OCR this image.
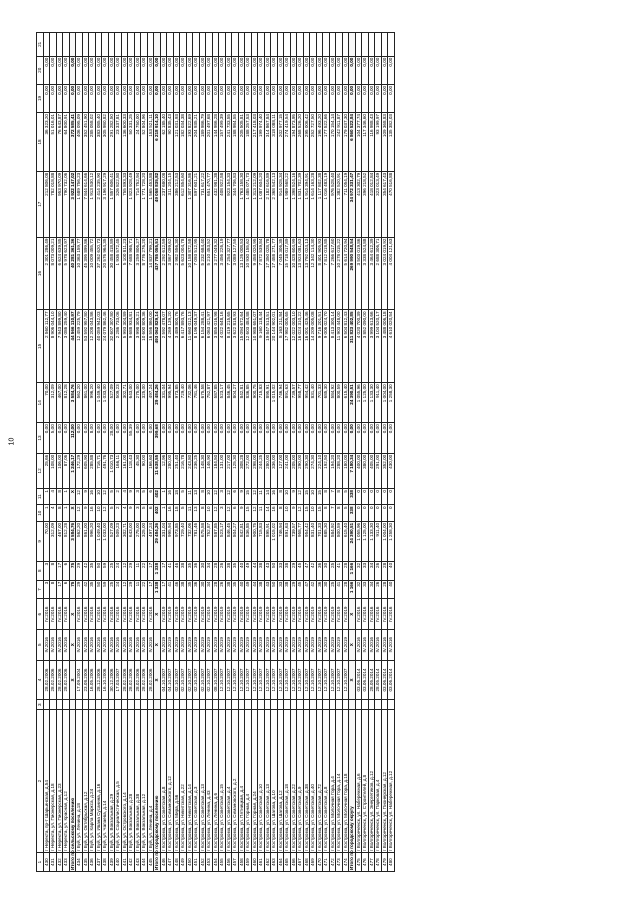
10
1	2	3	4	5	6	7	8	9	10	11	12	13	14	15	16	17	18	19	20	21
430	г Нерехта, пр-т Шарьинская, д.54		28.02.2006	IV.2016	IV.2016	3	3	70,00	1	1	25,66	0,00	70,00	2 560 112,77	2 301 286,49	212 806,08	36 323,20	0,00	0,00	
431	г Нерехта, ул. Пионерская, д.18		28.02.2006	IV.2016	IV.2016	8	8	312,09	4	4	108,00	5,00	312,09	8 906 044,10	8 073 009,21	782 018,88	51 016,01	0,00	0,00	
432	г Нерехта, ул. Пионерская, д.23		28.02.2006	IV.2016	IV.2016	17	17	467,00	8	8	106,00	0,00	467,00	7 943 899,80	6 624 639,85	953 970,09	76 643,87	0,00	0,00	
433	г Нерехта, ул. Красная, д.12		28.02.2006	IV.2016	IV.2016	6	6	812,28	1	1	87,06	0,00	812,28	3 086 259,40	5 978 623,97	790 732,06	64 800,91	0,00	0,00	
			X	X	X	75	75	3 584,76	X	X	1 246,17	112,00	3 584,76	44 566 110,97	40 281 361,36	3 922 147,02	372 585,41	0,00	0,00	
434	г Буй, ул. Ленина, д.18		17.09.2004	IV.2016	IV.2016	29	29	562,20	12	12	172,29	0,00	562,20	12 459 225,79	10 363 159,77	1 689 756,23	406 095,09	0,00	0,00	
435	г Буй, ул. Октябрьская, д.12		23.08.2006	IV.2016	IV.2016	42	42	861,00	9	9	605,90	0,00	861,00	53 592 957,80	45 395 899,86	7 844 614,66	352 451,90	0,00	0,00	
436	г Буй, ул. Карла Маркса, д.24		16.05.2006	IV.2016	IV.2016	35	35	996,20	16	16	285,88	8,00	996,20	12 208 043,86	10 009 455,72	1 913 530,12	285 058,02	0,00	0,00	
437	г Буй, ул. Ивана Сусанина, д.16		28.12.2006	IV.2016	IV.2016	50	50	1 049,40	10	10	716,71	0,00	1 049,40	40 059 942,03	37 262 620,73	2 414 235,90	383 085,40	0,00	0,00	
438	г Буй, ул. Чапаева, д.14		16.10.2006	IV.2016	IV.2016	59	59	1 033,00	12	12	491,76	0,00	1 033,00	24 079 862,46	20 576 964,35	3 196 917,29	305 980,82	0,00	0,00	
439	г Буй, ул. Вокзальная, д.29		30.12.2006	IV.2016	IV.2016	25	25	527,09	5	5	1 010,73	28,00	527,09	32 607 307,80	30 458 418,89	1 857 606,41	291 282,50	0,00	0,00	
440	г Буй, ул. Социалистическая, д.5		17.03.2007	IV.2016	IV.2016	24	24	509,23	2	2	166,11	0,00	509,23	2 286 733,06	1 936 572,45	326 822,80	23 337,81	0,00	0,00	
441	г Буй, ул. Островского, д.14		28.02.2006	IV.2016	IV.2016	12	12	302,71	4	4	161,00	0,00	302,71	5 993 304,89	5 100 811,23	755 893,33	136 600,33	0,00	0,00	
442	г Буй, ул. Вокзальная, д.28		28.02.2006	IV.2016	IV.2016	29	29	643,00	9	9	118,43	55,39	643,00	9 688 934,81	7 688 986,71	1 823 928,49	50 331,25	0,00	0,00	
443	г Буй, ул. Вокзальная, д.38		28.02.2006	IV.2016	IV.2016	11	11	275,00	3	3	45,30	0,00	275,00	3 998 309,21	3 259 806,27	714 752,94	24 750,00	0,00	0,00	
444	г Буй, ул. Вокзальная, д.12		28.02.2006	IV.2016	IV.2016	22	22	325,00	5	5	90,00	0,00	325,00	10 600 809,36	8 776 276,20	1 771 728,20	52 804,96	0,00	0,00	
445	г Буй, ул. Ленина, д.4		28.02.2006	IV.2016	IV.2016	17	17	497,24	6	6	166,60	0,00	497,24	16 556 860,00	14 837 799,21	1 565 453,88	153 521,11	0,00	0,00	
			X	X	X	1 338	1 338	29 484,26	402	402	11 638,55	399,68	29 484,26	493 062 829,14	437 785 055,51	49 058 835,82	6 218 914,10	0,00	0,00	
446	г Кострома, ул. Советская, д.8		04.10.2007	IV.2019	IV.2019	17	17	331,04	1	1	12,96	0,00	331,04	2 592 478,07	2 292 612,59	237 680,08	62 185,40	0,00	0,00	
447	г Кострома, ул. Симановского, д.12		04.10.2007	IV.2019	IV.2019	41	41	995,94	16	16	280,00	0,00	995,94	4 269 139,20	3 867 099,62	311 204,15	90 835,43	0,00	0,00	
448	г Кострома, ул. Мира, д.56		02.10.2007	IV.2019	IV.2019	46	46	973,85	18	18	251,40	0,00	973,85	3 489 800,76	2 982 556,30	386 212,53	121 031,93	0,00	0,00	
449	г Кострома, ул. Никитская, д.22		02.10.2007	IV.2019	IV.2019	38	38	729,40	5	5	216,78	0,00	729,40	6 417 893,76	5 623 004,78	612 854,60	182 034,38	0,00	0,00	
450	г Кострома, ул. Никитская, д.14		02.10.2007	IV.2019	IV.2019	35	35	732,06	11	11	243,80	0,00	732,06	11 660 012,13	10 158 872,58	1 307 316,86	193 822,69	0,00	0,00	
451	г Кострома, ул. Советская, д.3		02.10.2007	IV.2019	IV.2019	36	36	781,46	13	13	236,25	0,00	781,46	8 196 049,37	7 093 512,95	897 601,21	204 935,21	0,00	0,00	
452	г Кострома, ул. Советская, д.13		02.10.2007	IV.2019	IV.2019	30	30	675,58	8	8	148,30	0,00	675,58	6 154 288,41	5 232 684,40	731 617,22	189 986,79	0,00	0,00	
453	г Кострома, ул. Ленина, д.43		02.10.2007	IV.2019	IV.2019	34	34	752,87	10	10	146,90	0,00	752,87	6 063 421,97	5 210 453,52	651 470,77	201 497,68	0,00	0,00	
454	г Кострома, ул. Ленина, д.6		08.10.2007	IV.2019	IV.2019	28	28	587,85	12	12	184,50	0,00	587,85	3 855 016,98	3 277 049,32	432 981,38	144 986,28	0,00	0,00	
455	г Кострома, ул. Советская, д.15		12.10.2007	IV.2019	IV.2019	26	26	523,17	3	3	131,00	0,00	523,17	4 022 648,16	3 456 226,19	408 922,58	157 499,39	0,00	0,00	
456	г Кострома, ул. Советская, д.4		12.10.2007	IV.2019	IV.2019	38	38	846,45	12	12	217,00	0,00	846,45	8 419 215,65	7 254 327,77	923 154,33	241 733,55	0,00	0,00	
457	г Кострома, ул. Симановского, д.2		12.10.2007	IV.2019	IV.2019	35	35	804,27	6	6	125,30	0,00	804,27	3 622 818,93	3 089 127,55	344 706,83	188 984,55	0,00	0,00	
458	г Кострома, ул. Пятницкая, д.4		12.10.2007	IV.2019	IV.2019	40	40	842,81	9	9	308,28	0,00	842,81	15 094 672,64	13 126 008,53	1 763 158,30	205 505,81	0,00	0,00	
459	г Кострома, ул. Горная, д.4		12.10.2007	IV.2019	IV.2019	49	49	836,85	15	15	272,00	0,00	836,85	12 603 484,88	10 930 155,62	1 485 071,73	188 257,53	0,00	0,00	
460	г Кострома, ул. Горная, д.24		12.10.2007	IV.2019	IV.2019	44	44	900,75	12	12	298,00	0,00	900,75	10 988 651,07	9 458 020,95	1 313 212,09	217 418,03	0,00	0,00	
461	г Кострома, ул. Советская, д.10		12.10.2007	IV.2019	IV.2019	38	38	715,83	11	11	244,25	0,00	715,83	9 160 118,44	7 872 539,84	1 087 604,20	199 974,40	0,00	0,00	
462	г Кострома, ул. Советская, д.13		12.10.2007	IV.2019	IV.2019	43	43	895,91	14	14	280,00	0,00	895,91	19 847 513,51	17 350 028,78	2 182 616,89	314 867,84	0,00	0,00	
463	г Кострома, ул. Шагова, д.10		12.10.2007	IV.2019	IV.2019	50	50	1 015,02	16	16	336,00	0,00	1 015,02	20 144 902,01	17 458 271,77	2 368 542,13	318 088,11	0,00	0,00	
464	г Кострома, ул. Шагова, д.12		12.10.2007	IV.2019	IV.2019	33	33	746,94	8	8	127,00	0,00	746,94	8 163 211,84	7 045 306,35	914 928,34	202 977,15	0,00	0,00	
465	г Кострома, ул. Советская, д.18		12.10.2007	IV.2019	IV.2019	38	38	891,63	10	10	241,00	0,00	891,63	17 982 005,65	15 718 017,89	1 989 568,22	274 419,54	0,00	0,00	
466	г Кострома, ул. Советская, д.22		12.10.2007	IV.2019	IV.2019	29	29	739,57	9	9	205,00	0,00	739,57	12 022 003,10	10 428 604,99	1 398 524,16	194 873,95	0,00	0,00	
467	г Кострома, ул. Советская, д.9		12.10.2007	IV.2019	IV.2019	45	45	958,77	12	12	290,00	0,00	958,77	16 024 310,22	13 924 081,63	1 831 702,39	268 526,20	0,00	0,00	
468	г Кострома, ул. Советская, д.38		12.10.2007	IV.2019	IV.2019	47	47	954,42	15	15	290,30	0,00	954,42	16 001 425,46	13 792 024,13	1 914 394,91	295 006,42	0,00	0,00	
469	г Кострома, ул. Советская, д.40		12.10.2007	IV.2019	IV.2019	42	42	831,40	10	10	274,30	0,00	831,40	14 209 005,08	12 342 114,30	1 614 163,28	252 727,50	0,00	0,00	
470	г Кострома, ул. Советская, д.72		12.10.2007	IV.2019	IV.2019	36	36	701,33	15	15	224,10	0,00	701,33	9 716 201,51	8 401 905,93	1 117 802,38	196 493,20	0,00	0,00	
471	г Кострома, ул. Советская, д.8		12.10.2007	IV.2019	IV.2019	30	30	685,30	8	8	192,50	0,00	685,30	9 006 024,70	7 812 018,85	1 016 483,19	177 522,66	0,00	0,00	
472	г Кострома, ул. Молочная Гора, д.4		12.10.2007	IV.2019	IV.2019	25	25	584,92	7	7	194,20	0,00	584,92	8 413 300,14	7 266 617,60	976 528,40	170 154,14	0,00	0,00	
473	г Кострома, ул. Молочная Гора, д.14		12.10.2007	IV.2019	IV.2019	41	41	800,59	8	8	288,20	0,00	800,59	11 903 448,00	10 278 015,22	1 382 520,91	242 911,87	0,00	0,00	
474	г Кострома, ул. Молочная Гора, д.18		12.10.2007	IV.2019	IV.2019	28	28	615,40	5	5	180,00	0,00	615,40	6 504 812,43	5 614 720,94	711 054,19	179 037,30	0,00	0,00	
			X	X	X	1 166	1 166	24 390,51	338	338	7 180,34	0,00	24 390,51	311 823 402,85	269 990 548,54	34 972 331,47	6 860 522,84	0,00	0,00	
475	г Волгореченск, ул. Набережная, д.6		03.06.2014	IV.2016	IV.2016	32	32	1 055,96	0	0	400,00	0,00	1 055,96	4 020 700,39	3 503 019,86	413 302,79	104 377,74	0,00	0,00	
476	г Волгореченск, ул. Строителей, д.8		03.06.2014	IV.2016	IV.2016	33	33	1 125,00	0	0	380,00	0,00	1 125,00	3 852 090,00	3 338 524,88	396 218,52	117 346,60	0,00	0,00	
477	г Волгореченск, ул. Энергетиков, д.12		28.05.2014	IV.2016	IV.2016	34	34	1 133,30	0	0	405,00	0,00	1 133,30	3 999 613,66	3 464 612,39	418 012,84	116 988,43	0,00	0,00	
478	г Волгореченск, ул. Парковая, д.4		28.05.2014	IV.2016	IV.2016	26	26	911,40	0	0	291,00	0,00	911,40	3 104 520,17	2 688 306,71	323 013,49	93 199,97	0,00	0,00	
479	г Волгореченск, ул. Пионерская, д.12		03.06.2014	IV.2016	IV.2016	28	28	1 004,00	0	0	352,00	0,00	1 004,00	3 488 006,18	3 024 019,92	354 617,43	109 368,83	0,00	0,00	
480	г Волгореченск, ул. Набережная, д.12		03.06.2014	IV.2016	IV.2016	40	40	1 258,30	0	0	430,00	0,00	1 258,30	4 610 020,54	4 004 121,63	470 516,88	135 382,03	0,00	0,00	
